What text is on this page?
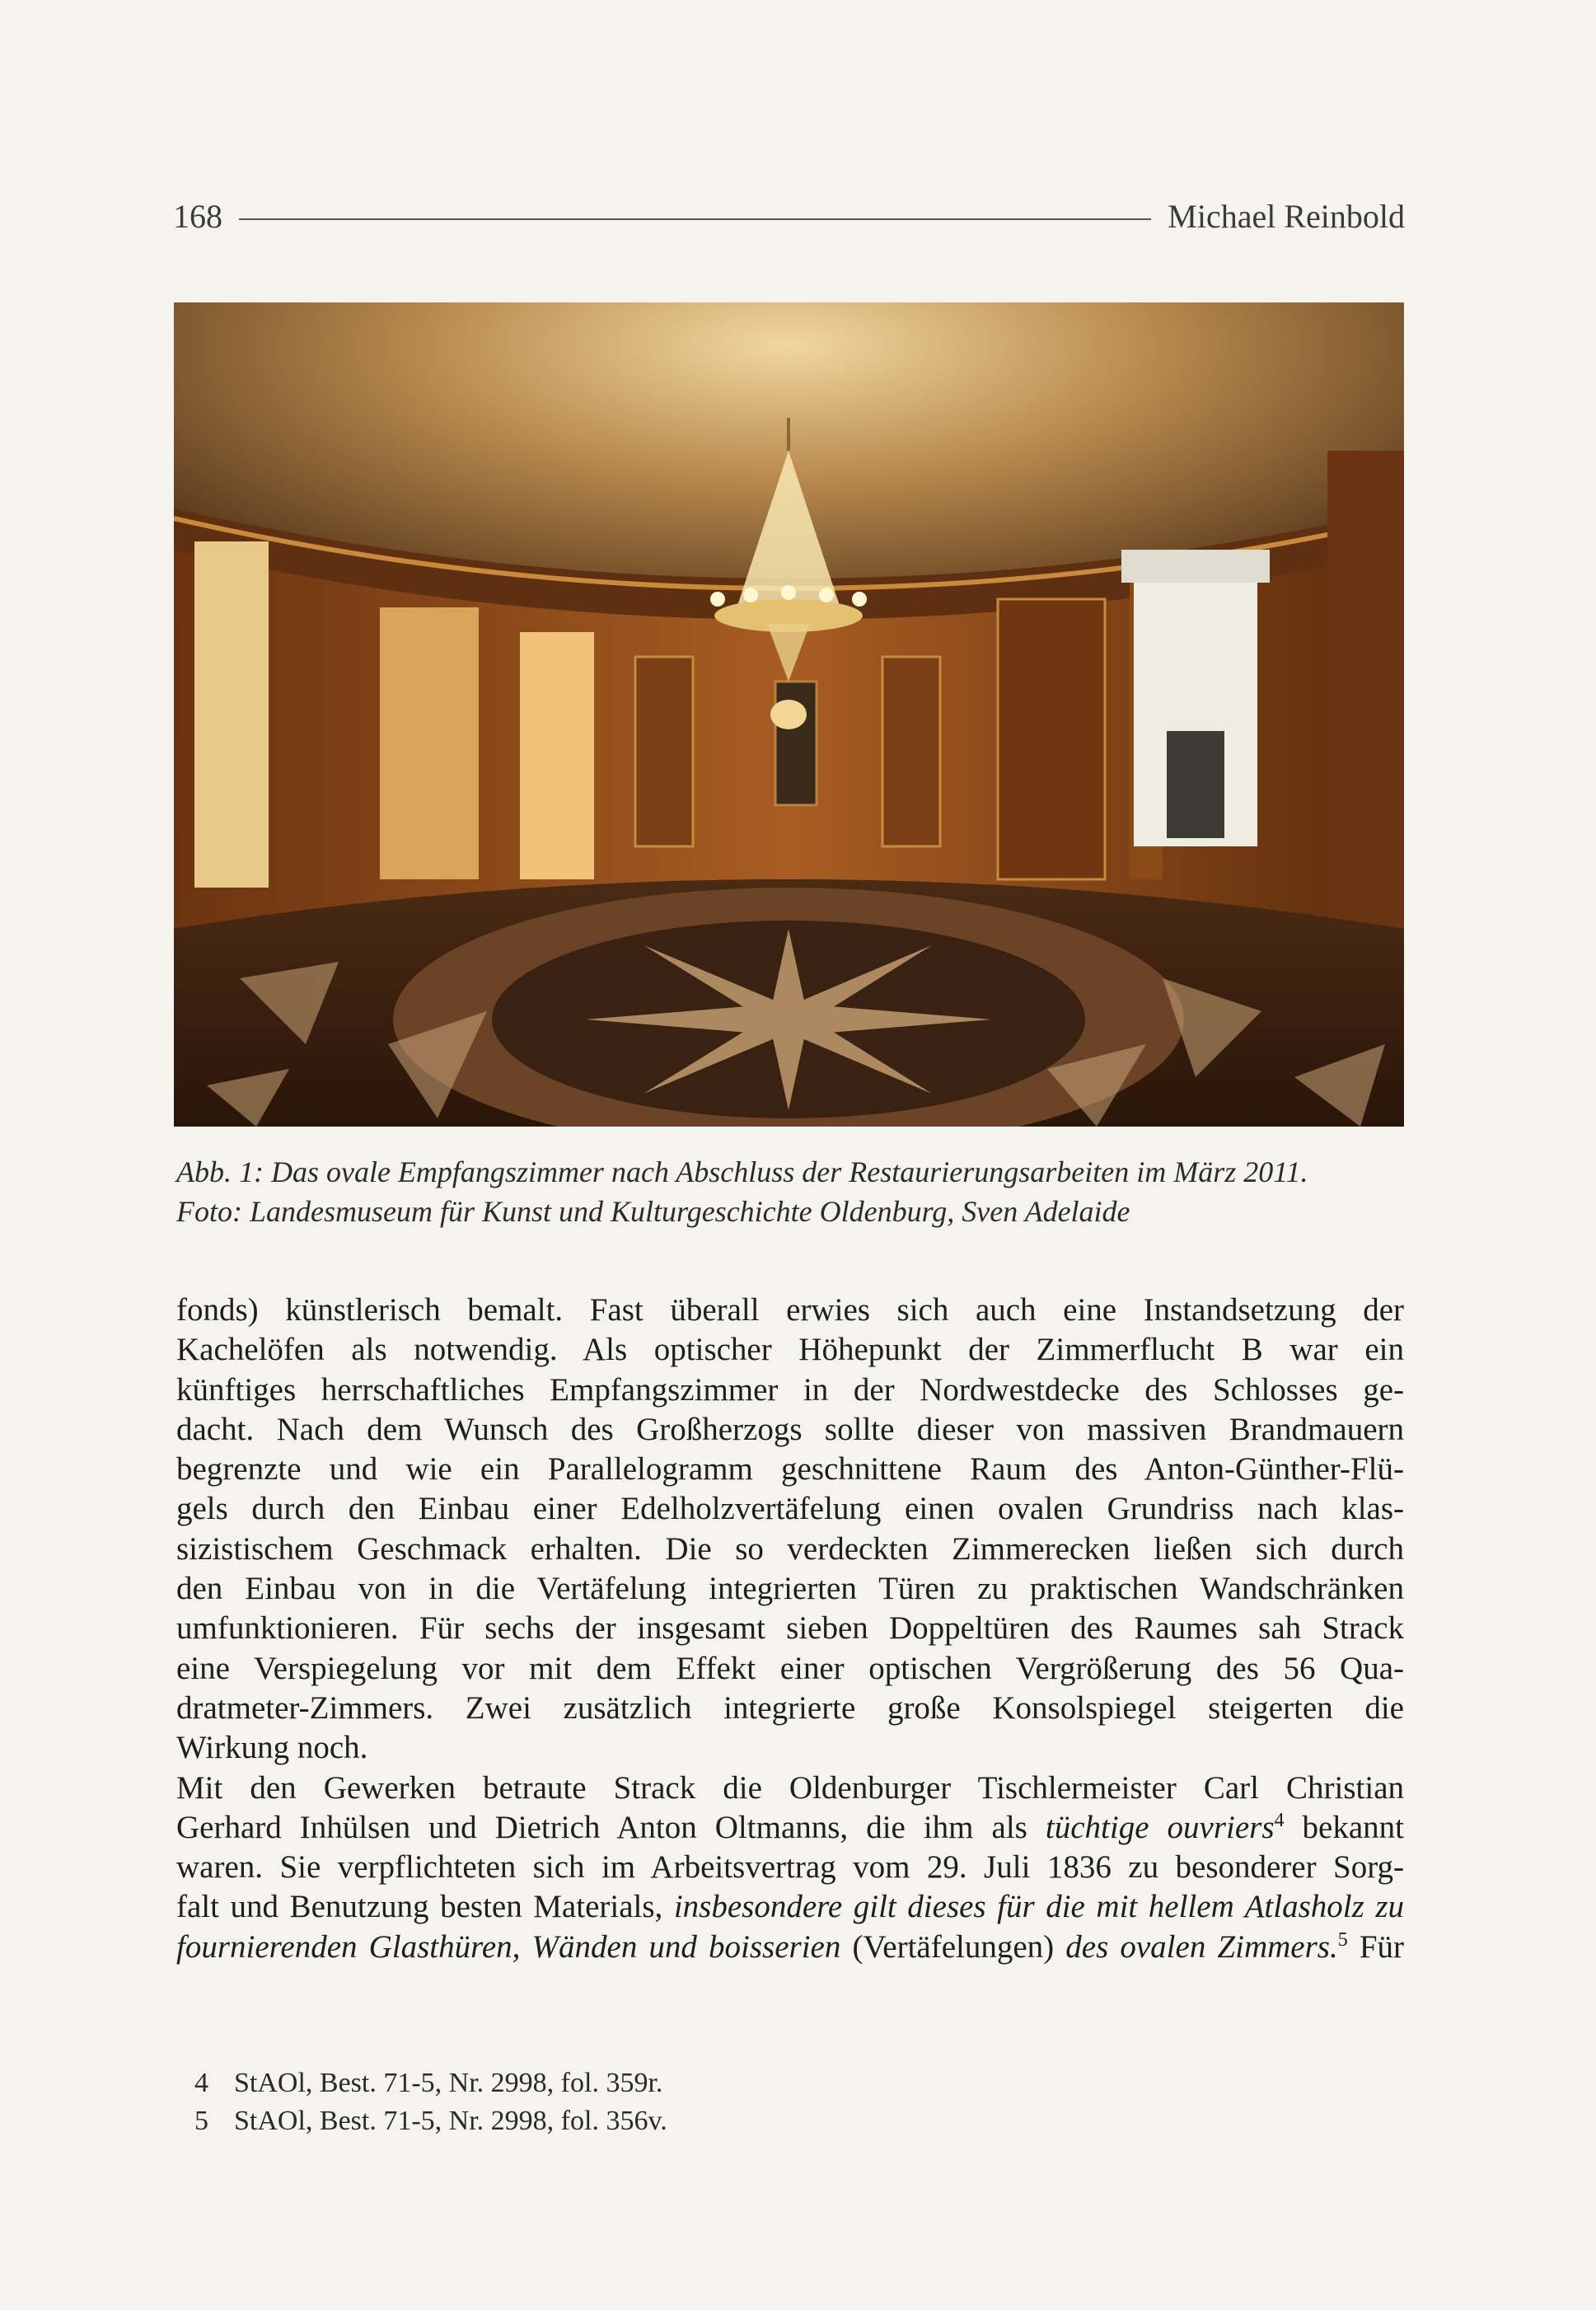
168	Michael Reinbold
Abb. 1: Das ovale Empfangszimmer nach Abschluss der Restaurierungsarbeiten im März 2011.
Foto: Landesmuseum für Kunst und Kulturgeschichte Oldenburg, Sven Adelaide
fonds) künstlerisch bemalt. Fast überall erwies sich auch eine Instandsetzung der
Kachelöfen als notwendig. Als optischer Höhepunkt der Zimmerflucht B war ein
künftiges herrschaftliches Empfangszimmer in der Nordwestdecke des Schlosses ge-
dacht. Nach dem Wunsch des Großherzogs sollte dieser von massiven Brandmauern
begrenzte und wie ein Parallelogramm geschnittene Raum des Anton-Günther-Flü-
gels durch den Einbau einer Edelholzvertäfelung einen ovalen Grundriss nach klas-
sizistischem Geschmack erhalten. Die so verdeckten Zimmerecken ließen sich durch
den Einbau von in die Vertäfelung integrierten Türen zu praktischen Wandschränken
umfunktionieren. Für sechs der insgesamt sieben Doppeltüren des Raumes sah Strack
eine Verspiegelung vor mit dem Effekt einer optischen Vergrößerung des 56 Qua-
dratmeter-Zimmers. Zwei zusätzlich integrierte große Konsolspiegel steigerten die
Wirkung noch.
Mit den Gewerken betraute Strack die Oldenburger Tischlermeister Carl Christian
Gerhard Inhülsen und Dietrich Anton Oltmanns, die ihm als tüchtige ouvriers$^4$ bekannt
waren. Sie verpflichteten sich im Arbeitsvertrag vom 29. Juli 1836 zu besonderer Sorg-
falt und Benutzung besten Materials, insbesondere gilt dieses für die mit hellem Atlasholz zu
fournierenden Glasthüren, Wänden und boisserien (Vertäfelungen) des ovalen Zimmers.$^5$ Für
4 StAOl, Best. 71-5, Nr. 2998, fol. 359r.
5 StAOl, Best. 71-5, Nr. 2998, fol. 356v.
